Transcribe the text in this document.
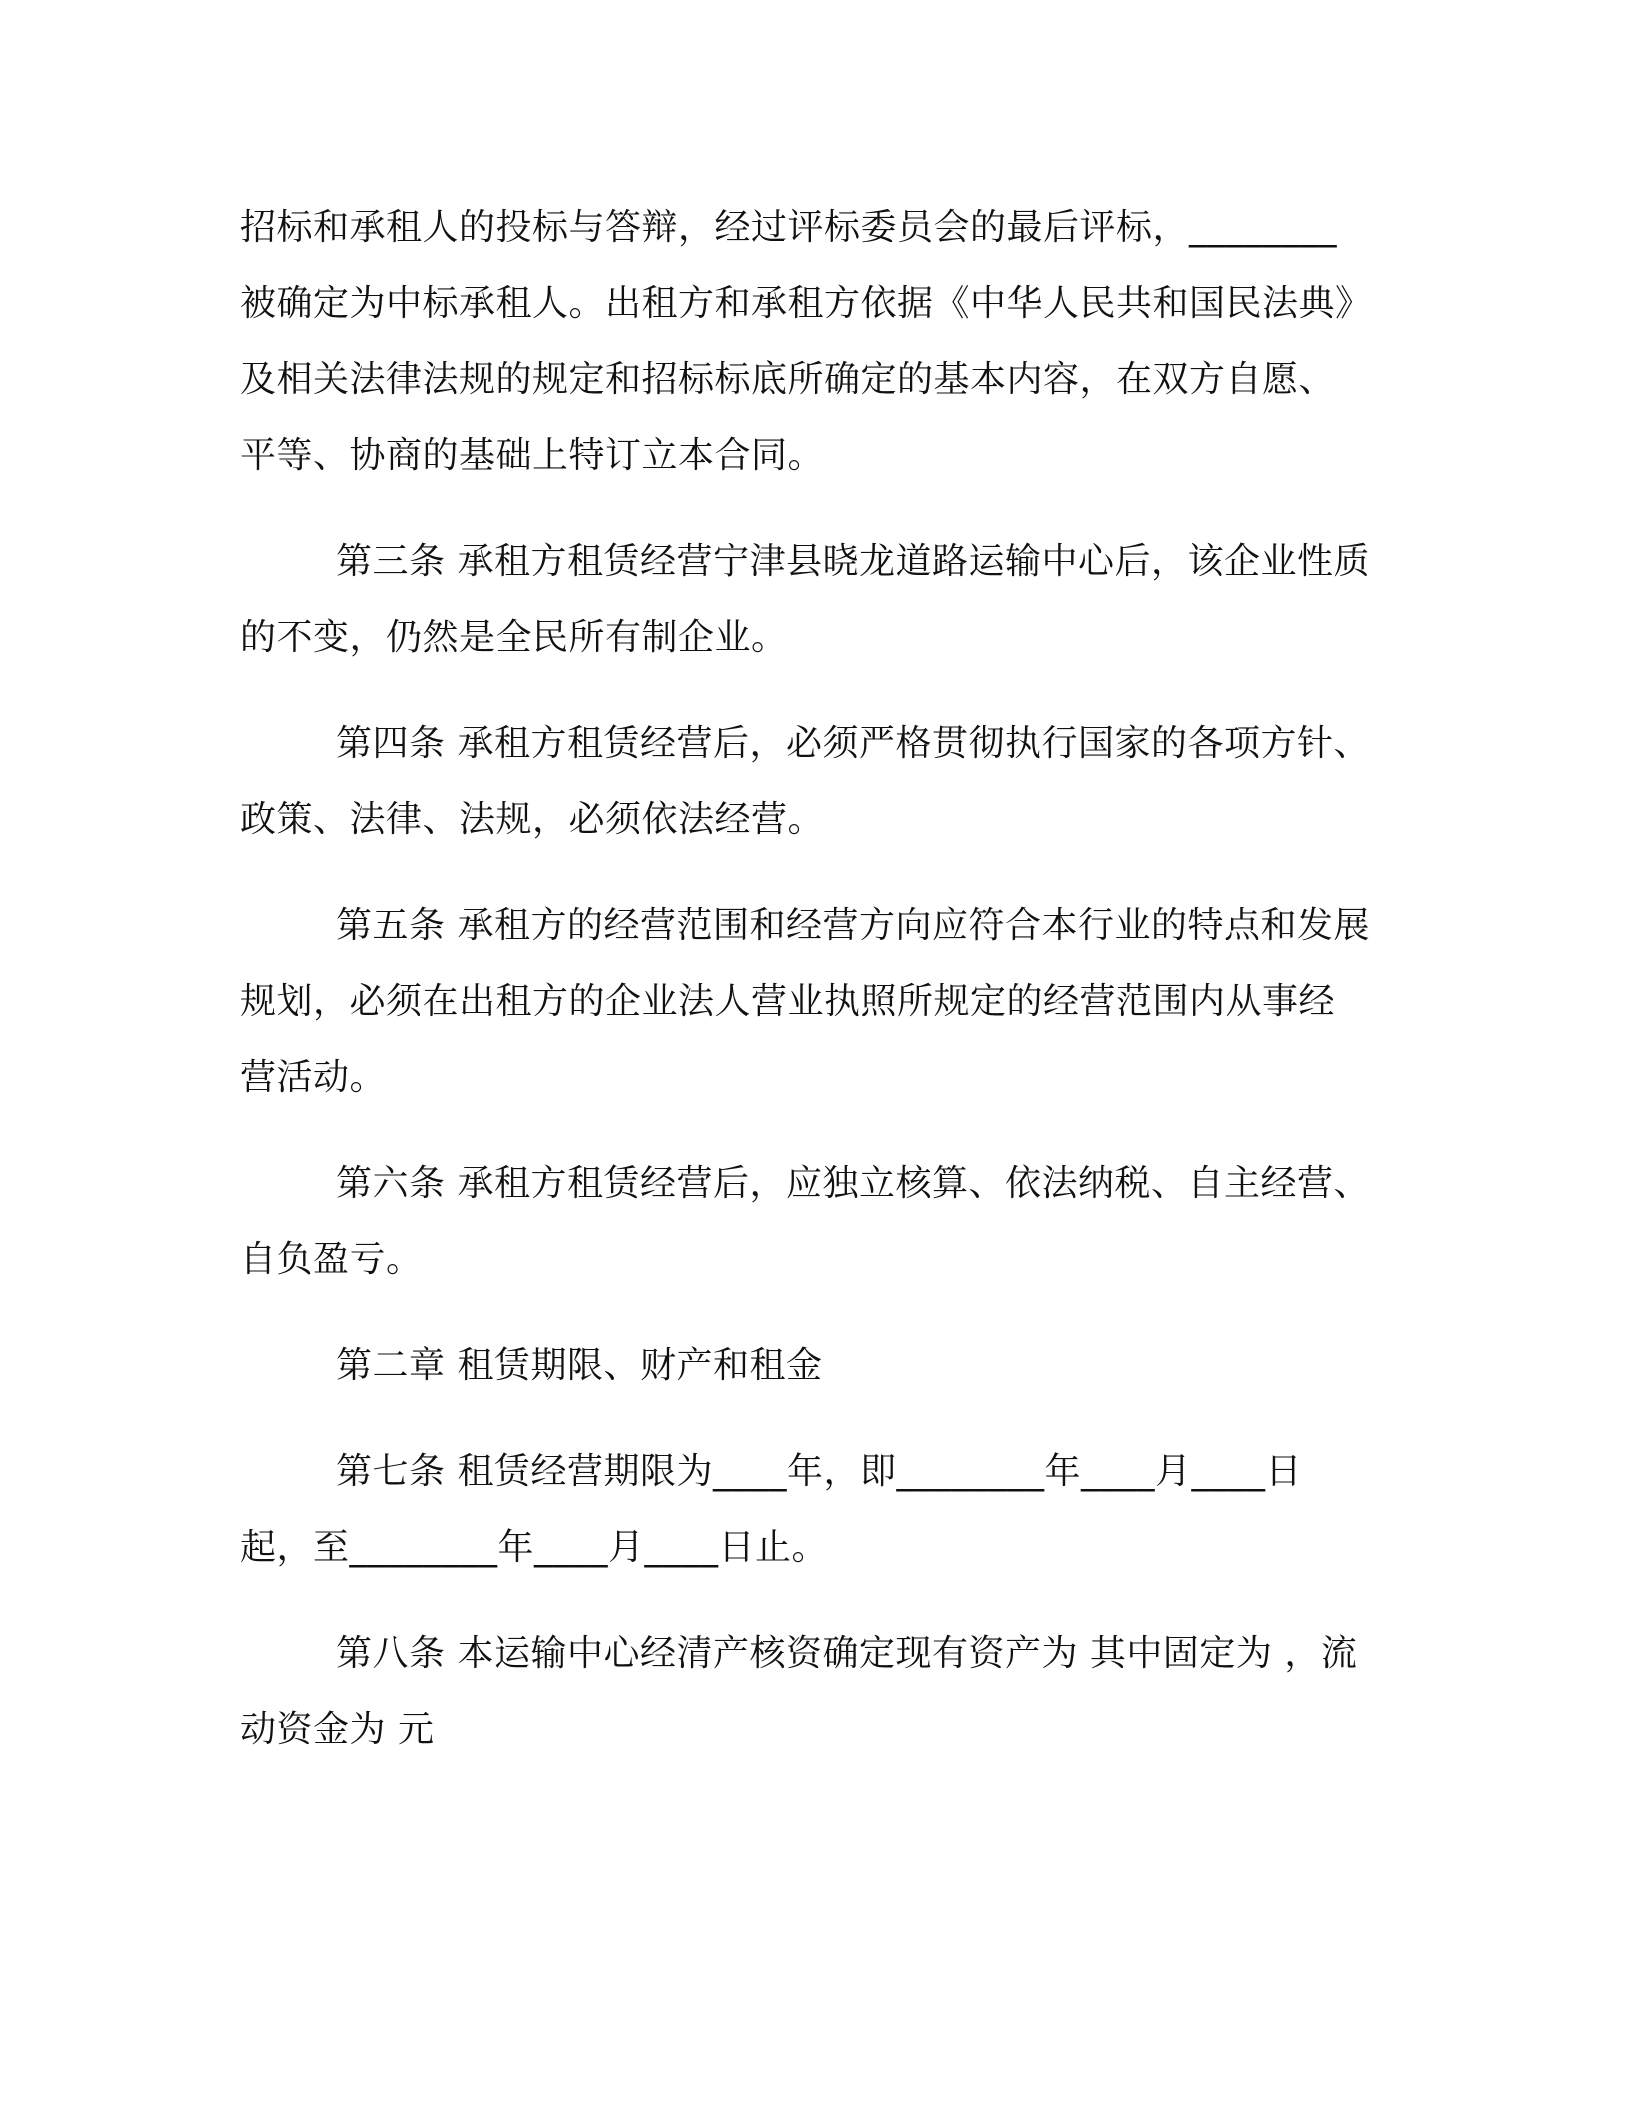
招标和承租人的投标与答辩，经过评标委员会的最后评标，________
被确定为中标承租人。出租方和承租方依据《中华人民共和国民法典》
及相关法律法规的规定和招标标底所确定的基本内容，在双方自愿、
平等、协商的基础上特订立本合同。

第三条 承租方租赁经营宁津县晓龙道路运输中心后，该企业性质
的不变，仍然是全民所有制企业。

第四条 承租方租赁经营后，必须严格贯彻执行国家的各项方针、
政策、法律、法规，必须依法经营。

第五条 承租方的经营范围和经营方向应符合本行业的特点和发展
规划，必须在出租方的企业法人营业执照所规定的经营范围内从事经
营活动。

第六条 承租方租赁经营后，应独立核算、依法纳税、自主经营、
自负盈亏。

第二章 租赁期限、财产和租金

第七条 租赁经营期限为____年，即________年____月____日
起，至________年____月____日止。

第八条 本运输中心经清产核资确定现有资产为 其中固定为 ，流
动资金为 元
